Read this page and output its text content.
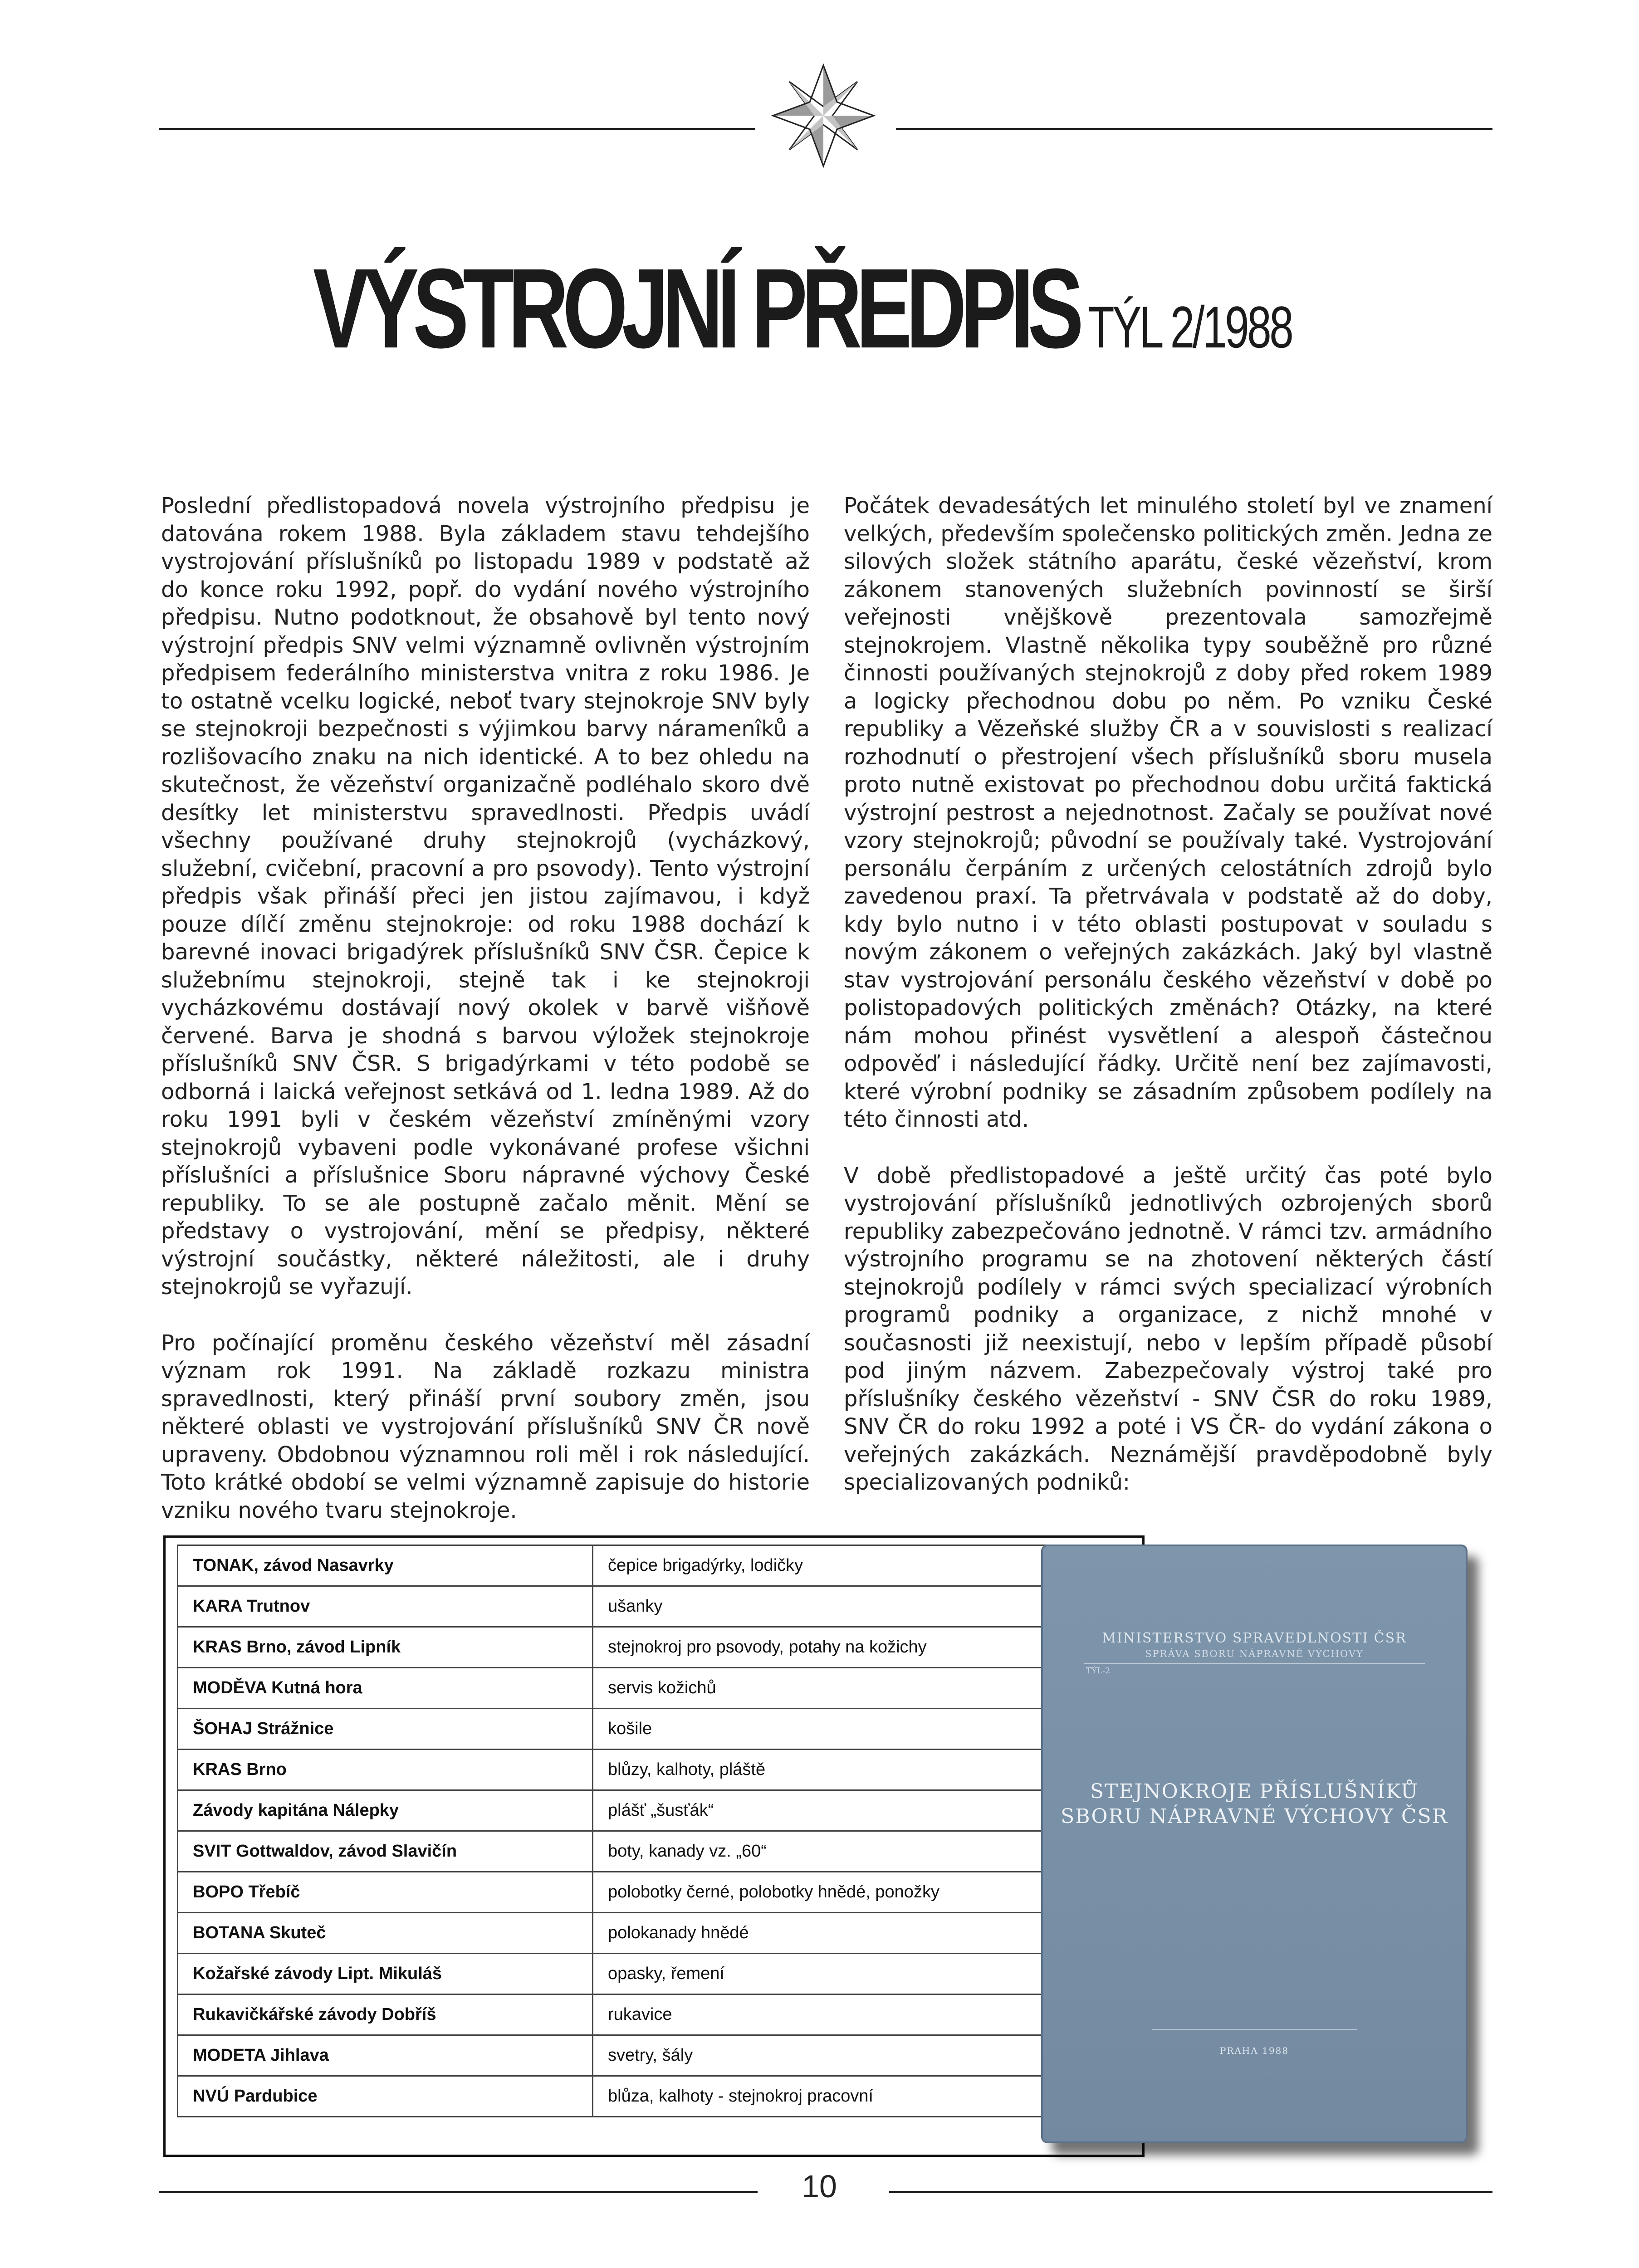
VÝSTROJNÍ PŘEDPIS TÝL 2/1988

Poslední předlistopadová novela výstrojního předpisu je datována rokem 1988. Byla základem stavu tehdejšího vystrojování příslušníků po listopadu 1989 v podstatě až do konce roku 1992, popř. do vydání nového výstrojního předpisu. Nutno podotknout, že obsahově byl tento nový výstrojní předpis SNV velmi významně ovlivněn výstrojním předpisem federálního ministerstva vnitra z roku 1986. Je to ostatně vcelku logické, neboť tvary stejnokroje SNV byly se stejnokroji bezpečnosti s výjimkou barvy náramenîků a rozlišovacího znaku na nich identické. A to bez ohledu na skutečnost, že vězeňství organizačně podléhalo skoro dvě desítky let ministerstvu spravedlnosti. Předpis uvádí všechny používané druhy stejnokrojů (vycházkový, služební, cvičební, pracovní a pro psovody). Tento výstrojní předpis však přináší přeci jen jistou zajímavou, i když pouze dílčí změnu stejnokroje: od roku 1988 dochází k barevné inovaci brigadýrek příslušníků SNV ČSR. Čepice k služebnímu stejnokroji, stejně tak i ke stejnokroji vycházkovému dostávají nový okolek v barvě višňově červené. Barva je shodná s barvou výložek stejnokroje příslušníků SNV ČSR. S brigadýrkami v této podobě se odborná i laická veřejnost setkává od 1. ledna 1989. Až do roku 1991 byli v českém vězeňství zmíněnými vzory stejnokrojů vybaveni podle vykonávané profese všichni příslušníci a příslušnice Sboru nápravné výchovy České republiky. To se ale postupně začalo měnit. Mění se představy o vystrojování, mění se předpisy, některé výstrojní součástky, některé náležitosti, ale i druhy stejnokrojů se vyřazují.

Pro počínající proměnu českého vězeňství měl zásadní význam rok 1991. Na základě rozkazu ministra spravedlnosti, který přináší první soubory změn, jsou některé oblasti ve vystrojování příslušníků SNV ČR nově upraveny. Obdobnou významnou roli měl i rok následující. Toto krátké období se velmi významně zapisuje do historie vzniku nového tvaru stejnokroje.

Počátek devadesátých let minulého století byl ve znamení velkých, především společensko politických změn. Jedna ze silových složek státního aparátu, české vězeňství, krom zákonem stanovených služebních povinností se širší veřejnosti vnějškově prezentovala samozřejmě stejnokrojem. Vlastně několika typy souběžně pro různé činnosti používaných stejnokrojů z doby před rokem 1989 a logicky přechodnou dobu po něm. Po vzniku České republiky a Vězeňské služby ČR a v souvislosti s realizací rozhodnutí o přestrojení všech příslušníků sboru musela proto nutně existovat po přechodnou dobu určitá faktická výstrojní pestrost a nejednotnost. Začaly se používat nové vzory stejnokrojů; původní se používaly také. Vystrojování personálu čerpáním z určených celostátních zdrojů bylo zavedenou praxí. Ta přetrvávala v podstatě až do doby, kdy bylo nutno i v této oblasti postupovat v souladu s novým zákonem o veřejných zakázkách. Jaký byl vlastně stav vystrojování personálu českého vězeňství v době po polistopadových politických změnách? Otázky, na které nám mohou přinést vysvětlení a alespoň částečnou odpověď i následující řádky. Určitě není bez zajímavosti, které výrobní podniky se zásadním způsobem podílely na této činnosti atd.

V době předlistopadové a ještě určitý čas poté bylo vystrojování příslušníků jednotlivých ozbrojených sborů republiky zabezpečováno jednotně. V rámci tzv. armádního výstrojního programu se na zhotovení některých částí stejnokrojů podílely v rámci svých specializací výrobních programů podniky a organizace, z nichž mnohé v současnosti již neexistují, nebo v lepším případě působí pod jiným názvem. Zabezpečovaly výstroj také pro příslušníky českého vězeňství - SNV ČSR do roku 1989, SNV ČR do roku 1992 a poté i VS ČR- do vydání zákona o veřejných zakázkách. Neznámější pravděpodobně byly specializovaných podniků:

TONAK, závod Nasavrky	čepice brigadýrky, lodičky
KARA Trutnov	ušanky
KRAS Brno, závod Lipník	stejnokroj pro psovody, potahy na kožichy
MODĚVA Kutná hora	servis kožichů
ŠOHAJ Strážnice	košile
KRAS Brno	blůzy, kalhoty, pláště
Závody kapitána Nálepky	plášť „šusťák“
SVIT Gottwaldov, závod Slavičín	boty, kanady vz. „60“
BOPO Třebíč	polobotky černé, polobotky hnědé, ponožky
BOTANA Skuteč	polokanady hnědé
Kožařské závody Lipt. Mikuláš	opasky, řemení
Rukavičkářské závody Dobříš	rukavice
MODETA Jihlava	svetry, šály
NVÚ Pardubice	blůza, kalhoty - stejnokroj pracovní
MINISTERSTVO SPRAVEDLNOSTI ČSR
SPRÁVA SBORU NÁPRAVNÉ VÝCHOVY
TÝL-2
STEJNOKROJE PŘÍSLUŠNÍKŮ
SBORU NÁPRAVNÉ VÝCHOVY ČSR
PRAHA 1988
10
